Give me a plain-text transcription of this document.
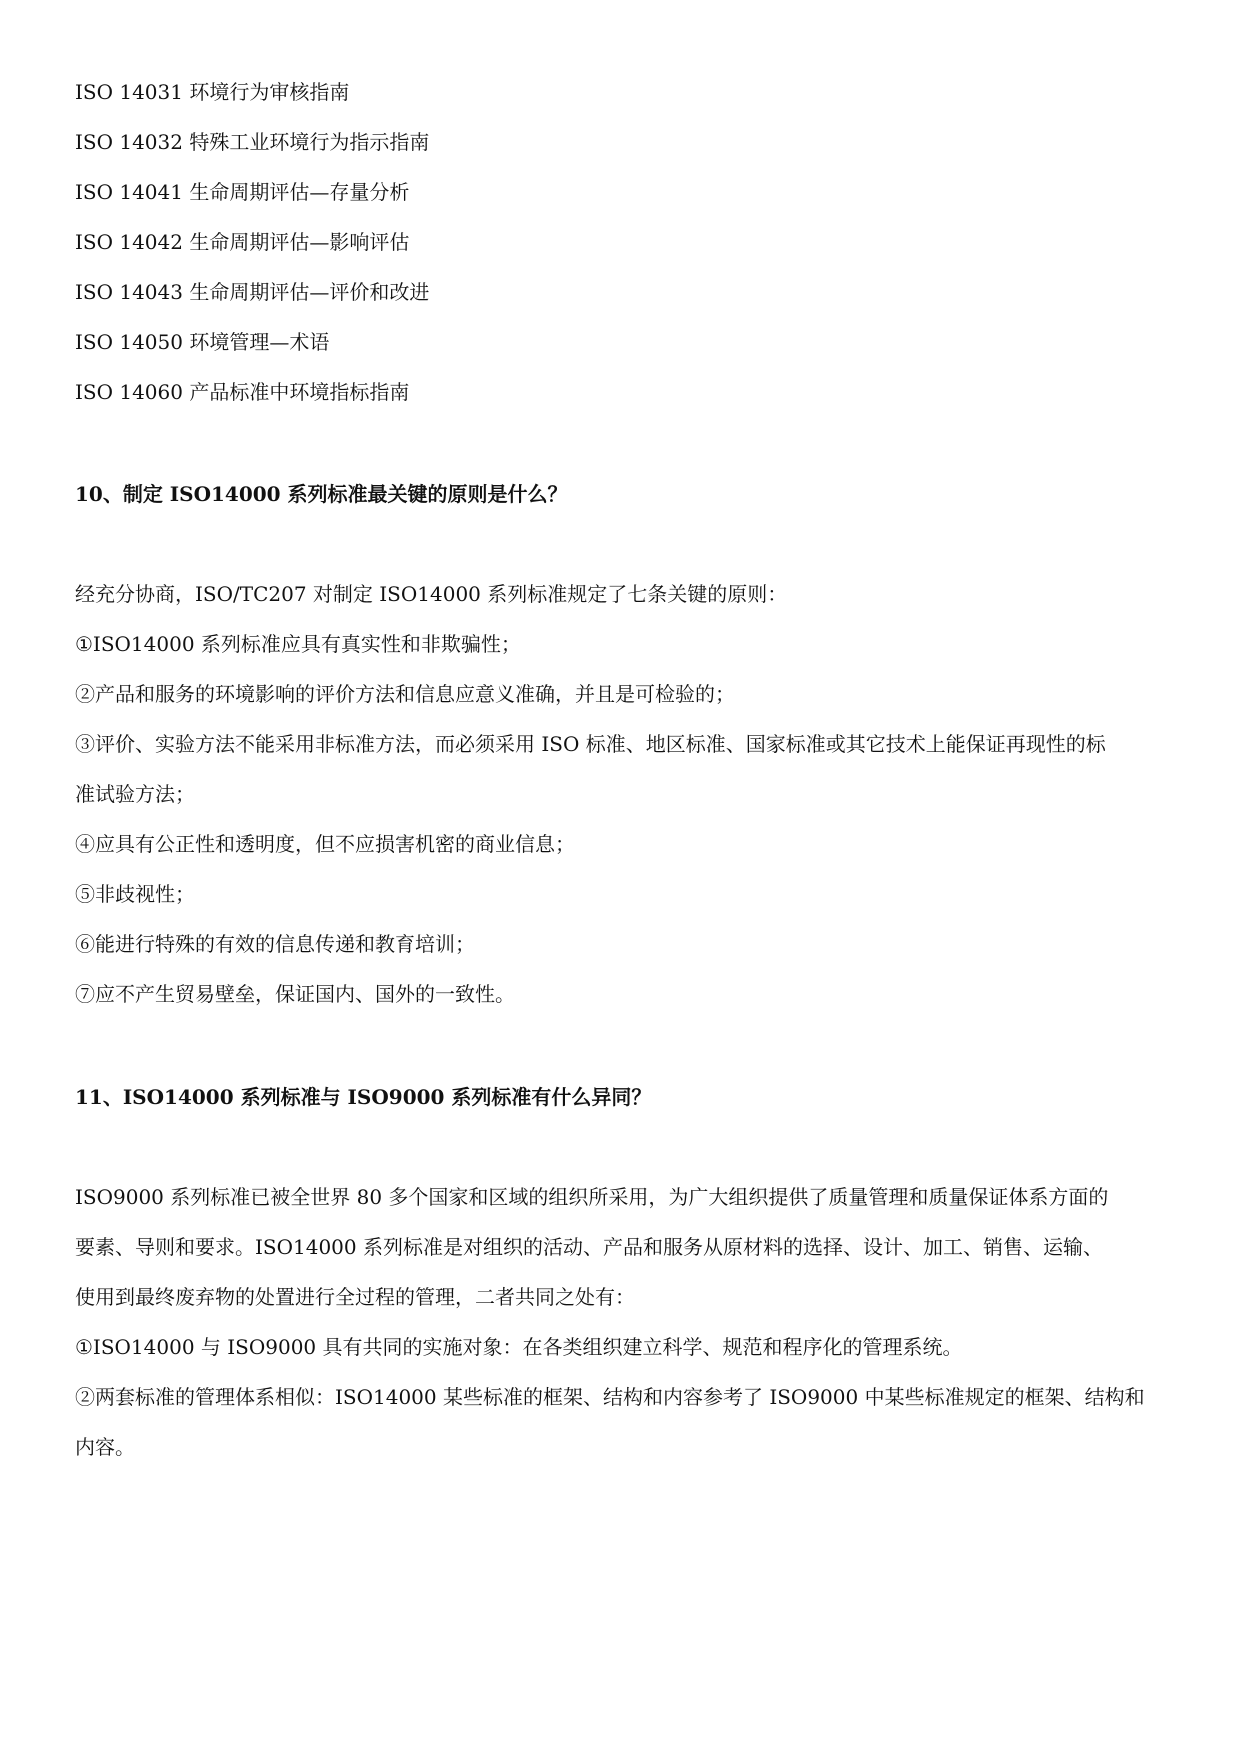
ISO 14031 环境行为审核指南
ISO 14032 特殊工业环境行为指示指南
ISO 14041 生命周期评估—存量分析
ISO 14042 生命周期评估—影响评估
ISO 14043 生命周期评估—评价和改进
ISO 14050 环境管理—术语
ISO 14060 产品标准中环境指标指南
10、制定 ISO14000 系列标准最关键的原则是什么？
经充分协商，ISO/TC207 对制定 ISO14000 系列标准规定了七条关键的原则：
①ISO14000 系列标准应具有真实性和非欺骗性；
②产品和服务的环境影响的评价方法和信息应意义准确，并且是可检验的；
③评价、实验方法不能采用非标准方法，而必须采用 ISO 标准、地区标准、国家标准或其它技术上能保证再现性的标
准试验方法；
④应具有公正性和透明度，但不应损害机密的商业信息；
⑤非歧视性；
⑥能进行特殊的有效的信息传递和教育培训；
⑦应不产生贸易壁垒，保证国内、国外的一致性。
11、ISO14000 系列标准与 ISO9000 系列标准有什么异同？
ISO9000 系列标准已被全世界 80 多个国家和区域的组织所采用，为广大组织提供了质量管理和质量保证体系方面的
要素、导则和要求。ISO14000 系列标准是对组织的活动、产品和服务从原材料的选择、设计、加工、销售、运输、
使用到最终废弃物的处置进行全过程的管理，二者共同之处有：
①ISO14000 与 ISO9000 具有共同的实施对象：在各类组织建立科学、规范和程序化的管理系统。
②两套标准的管理体系相似：ISO14000 某些标准的框架、结构和内容参考了 ISO9000 中某些标准规定的框架、结构和
内容。
